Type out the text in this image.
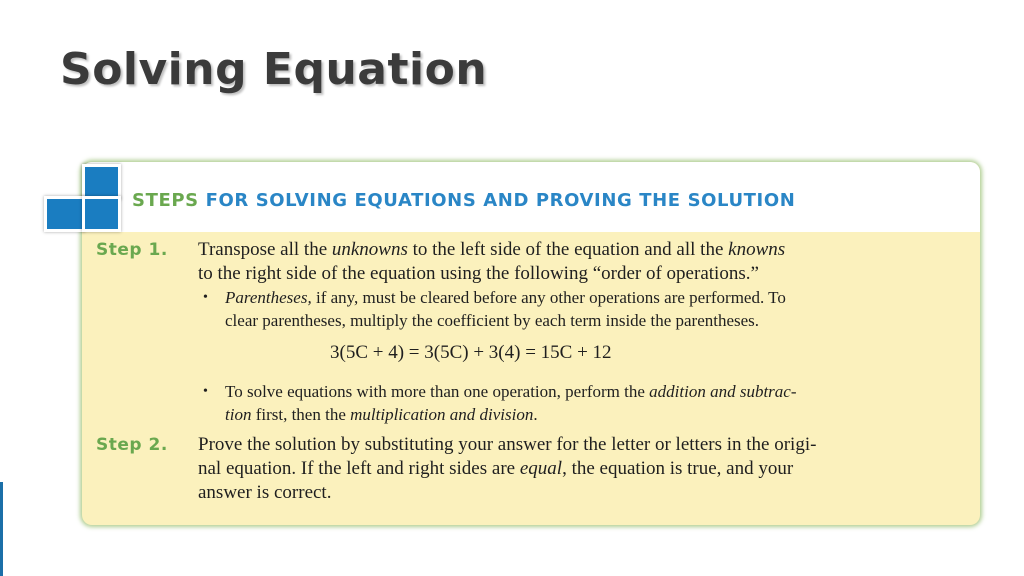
Solving Equation
STEPS FOR SOLVING EQUATIONS AND PROVING THE SOLUTION
Step 1. Transpose all the unknowns to the left side of the equation and all the knowns
to the right side of the equation using the following “order of operations.”
• Parentheses, if any, must be cleared before any other operations are performed. To
clear parentheses, multiply the coefficient by each term inside the parentheses.
3(5C + 4) = 3(5C) + 3(4) = 15C + 12
• To solve equations with more than one operation, perform the addition and subtrac-
tion first, then the multiplication and division.
Step 2. Prove the solution by substituting your answer for the letter or letters in the origi-
nal equation. If the left and right sides are equal, the equation is true, and your
answer is correct.
